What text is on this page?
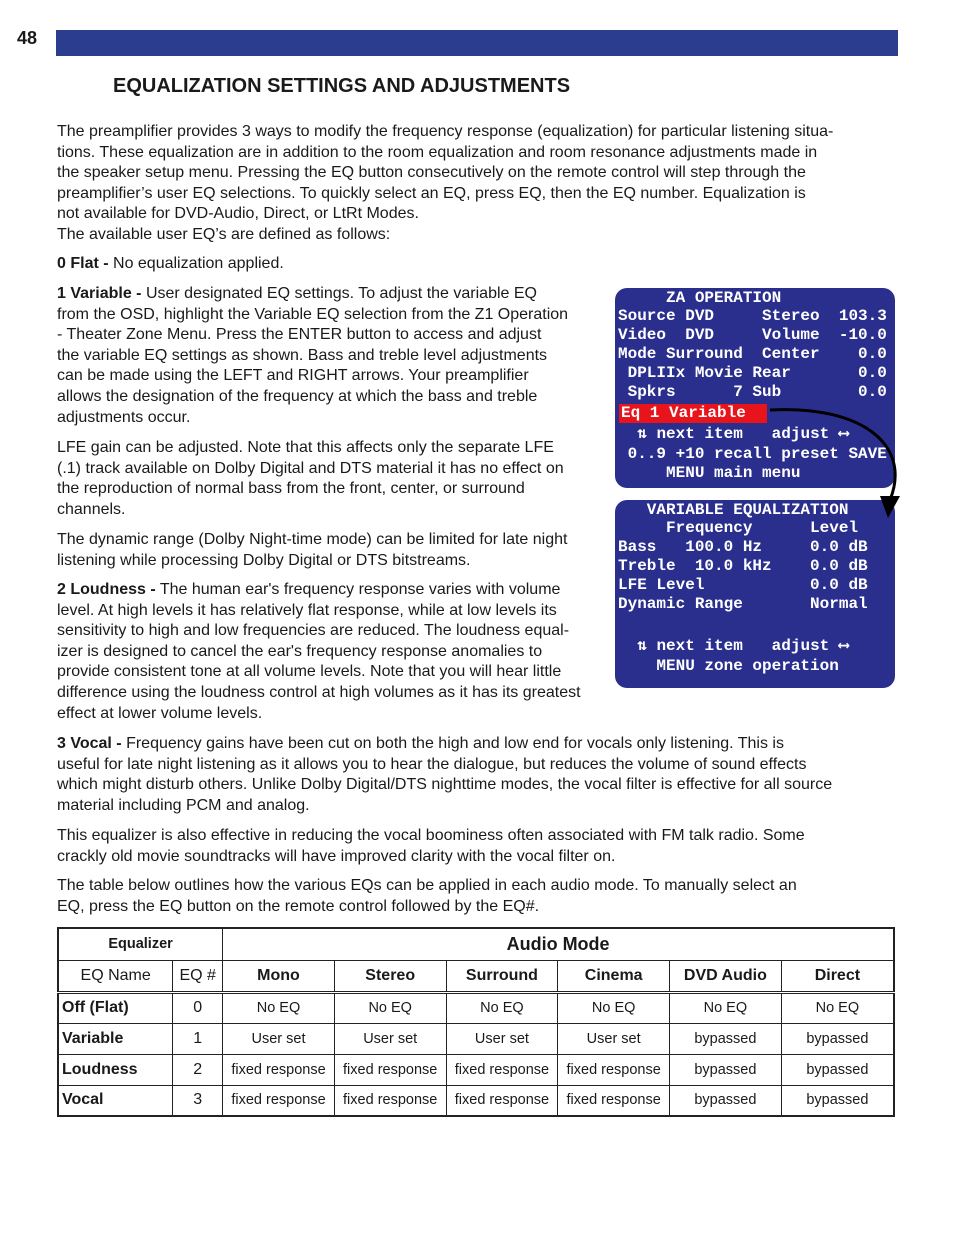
48
EQUALIZATION SETTINGS AND ADJUSTMENTS
The preamplifier provides 3 ways to modify the frequency response (equalization) for particular listening situa-
tions. These equalization are in addition to the room equalization and room resonance adjustments made in
the speaker setup menu. Pressing the EQ button consecutively on the remote control will step through the
preamplifier’s user EQ selections. To quickly select an EQ, press EQ, then the EQ number. Equalization is
not available for DVD-Audio, Direct, or LtRt Modes.
The available user EQ’s are defined as follows:
0 Flat - No equalization applied.
1 Variable - User designated EQ settings. To adjust the variable EQ
from the OSD, highlight the Variable EQ selection from the Z1 Operation
- Theater Zone Menu. Press the ENTER button to access and adjust
the variable EQ settings as shown. Bass and treble level adjustments
can be made using the LEFT and RIGHT arrows. Your preamplifier
allows the designation of the frequency at which the bass and treble
adjustments occur.
LFE gain can be adjusted. Note that this affects only the separate LFE
(.1) track available on Dolby Digital and DTS material it has no effect on
the reproduction of normal bass from the front, center, or surround
channels.
The dynamic range (Dolby Night-time mode) can be limited for late night
listening while processing Dolby Digital or DTS bitstreams.
2 Loudness - The human ear's frequency response varies with volume
level. At high levels it has relatively flat response, while at low levels its
sensitivity to high and low frequencies are reduced. The loudness equal-
izer is designed to cancel the ear's frequency response anomalies to
provide consistent tone at all volume levels. Note that you will hear little
difference using the loudness control at high volumes as it has its greatest
effect at lower volume levels.
3 Vocal - Frequency gains have been cut on both the high and low end for vocals only listening. This is
useful for late night listening as it allows you to hear the dialogue, but reduces the volume of sound effects
which might disturb others. Unlike Dolby Digital/DTS nighttime modes, the vocal filter is effective for all source
material including PCM and analog.
This equalizer is also effective in reducing the vocal boominess often associated with FM talk radio. Some
crackly old movie soundtracks will have improved clarity with the vocal filter on.
The table below outlines how the various EQs can be applied in each audio mode. To manually select an
EQ, press the EQ button on the remote control followed by the EQ#.
ZA OPERATION
Source DVD     Stereo  103.3
Video  DVD     Volume  -10.0
Mode Surround  Center    0.0
DPLIIx Movie Rear       0.0
Spkrs      7 Sub        0.0
Eq 1 Variable
⇅ next item   adjust ⟷
0..9 +10 recall preset SAVE
MENU main menu
VARIABLE EQUALIZATION
Frequency      Level
Bass   100.0 Hz     0.0 dB
Treble  10.0 kHz    0.0 dB
LFE Level           0.0 dB
Dynamic Range       Normal
⇅ next item   adjust ⟷
MENU zone operation
Equalizer		Audio Mode					
EQ Name	EQ #	Mono	Stereo	Surround	Cinema	DVD Audio	Direct
Off (Flat)	0	No EQ	No EQ	No EQ	No EQ	No EQ	No EQ
Variable	1	User set	User set	User set	User set	bypassed	bypassed
Loudness	2	fixed response	fixed response	fixed response	fixed response	bypassed	bypassed
Vocal	3	fixed response	fixed response	fixed response	fixed response	bypassed	bypassed
